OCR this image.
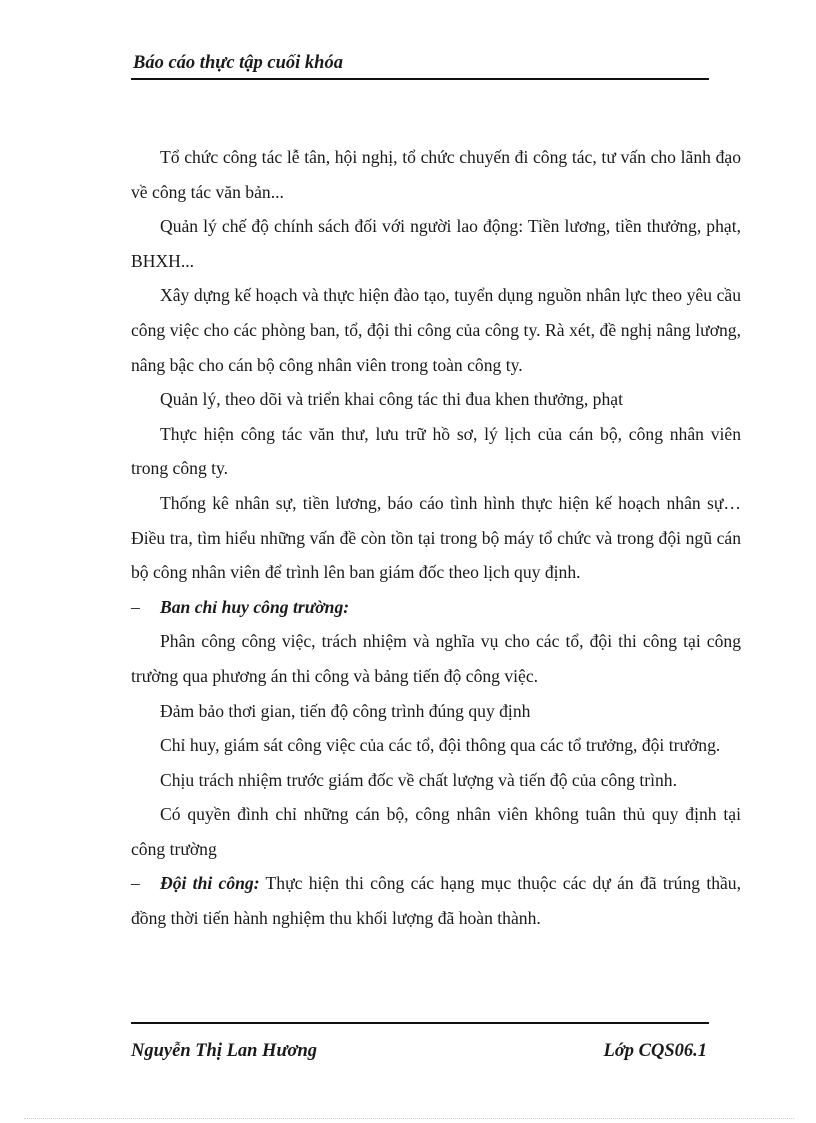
Báo cáo thực tập cuối khóa

Tổ chức công tác lễ tân, hội nghị, tổ chức chuyến đi công tác, tư vấn cho lãnh đạo về công tác văn bản...

Quản lý chế độ chính sách đối với người lao động: Tiền lương, tiền thưởng, phạt, BHXH...

Xây dựng kế hoạch và thực hiện đào tạo, tuyển dụng nguồn nhân lực theo yêu cầu công việc cho các phòng ban, tổ, đội thi công của công ty. Rà xét, đề nghị nâng lương, nâng bậc cho cán bộ công nhân viên trong toàn công ty.

Quản lý, theo dõi và triển khai công tác thi đua khen thưởng, phạt

Thực hiện công tác văn thư, lưu trữ hồ sơ, lý lịch của cán bộ, công nhân viên trong công ty.

Thống kê nhân sự, tiền lương, báo cáo tình hình thực hiện kế hoạch nhân sự… Điều tra, tìm hiểu những vấn đề còn tồn tại trong bộ máy tổ chức và trong đội ngũ cán bộ công nhân viên để trình lên ban giám đốc theo lịch quy định.

– Ban chỉ huy công trường:

Phân công công việc, trách nhiệm và nghĩa vụ cho các tổ, đội thi công tại công trường qua phương án thi công và bảng tiến độ công việc.

Đảm bảo thơi gian, tiến độ công trình đúng quy định

Chỉ huy, giám sát công việc của các tổ, đội thông qua các tổ trưởng, đội trưởng.

Chịu trách nhiệm trước giám đốc về chất lượng và tiến độ của công trình.

Có quyền đình chỉ những cán bộ, công nhân viên không tuân thủ quy định tại công trường

– Đội thi công: Thực hiện thi công các hạng mục thuộc các dự án đã trúng thầu, đồng thời tiến hành nghiệm thu khối lượng đã hoàn thành.

Nguyễn Thị Lan Hương	Lớp CQS06.1
